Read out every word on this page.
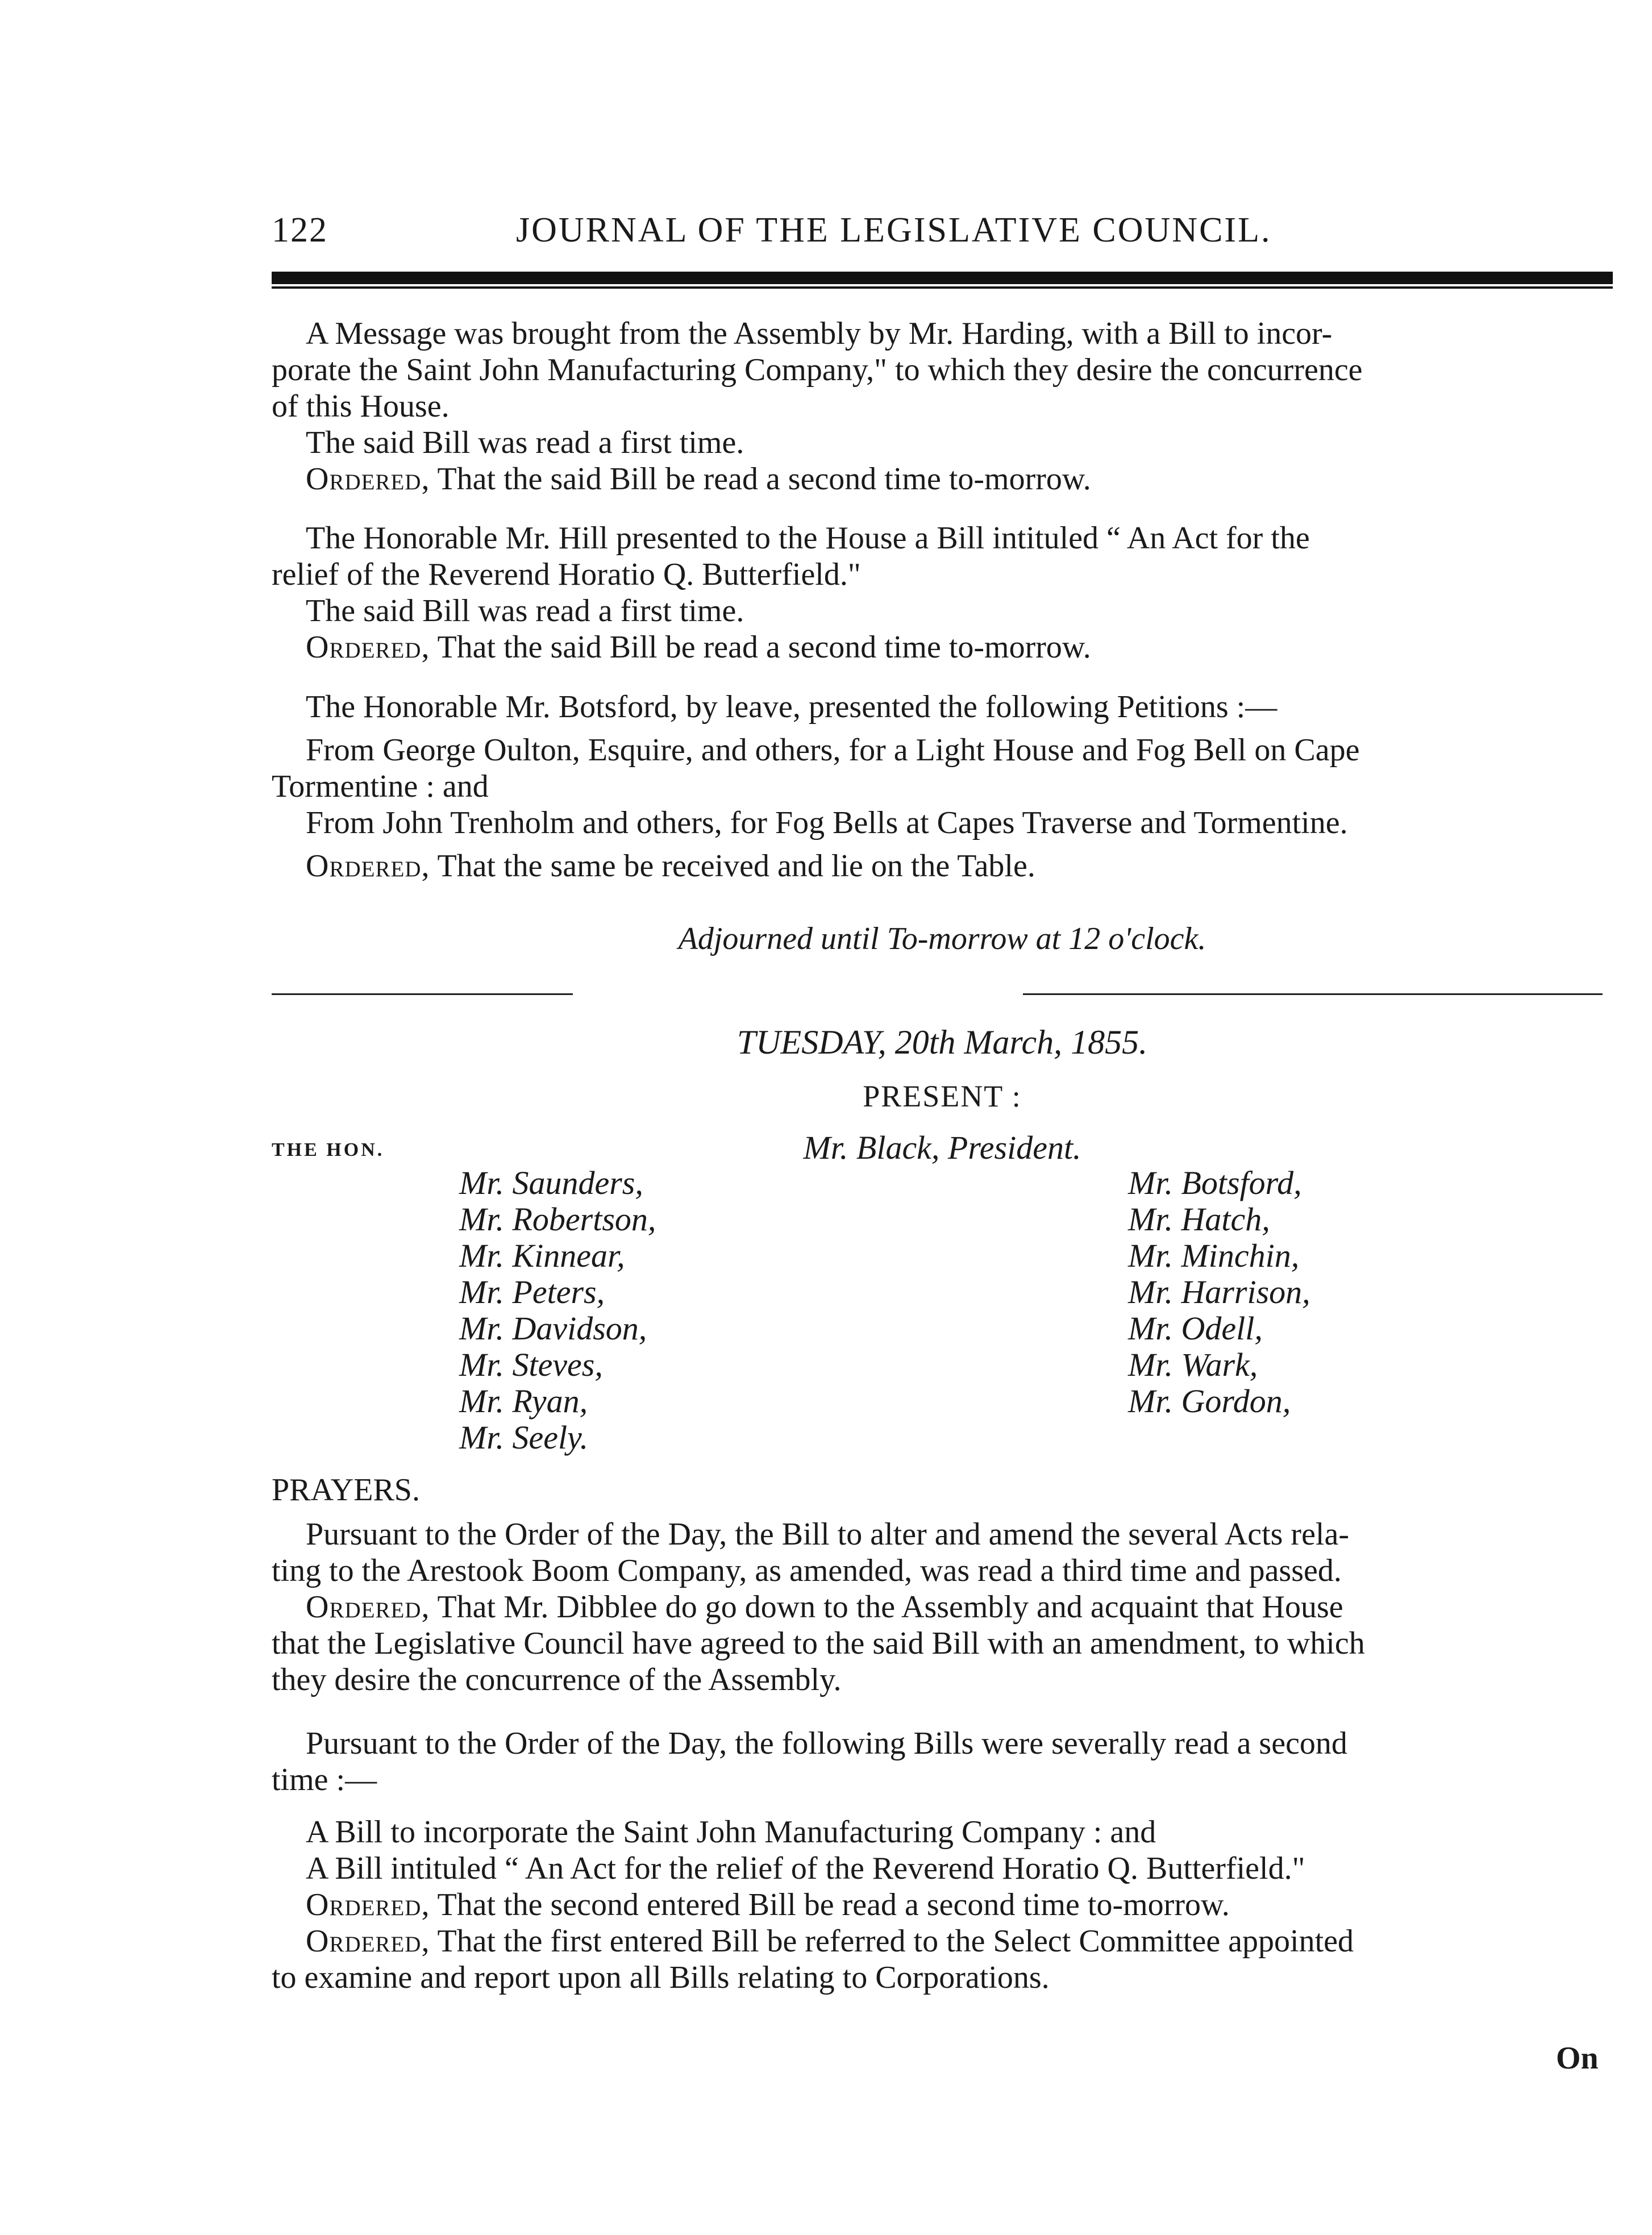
122	JOURNAL OF THE LEGISLATIVE COUNCIL.
A Message was brought from the Assembly by Mr. Harding, with a Bill to incor-
porate the Saint John Manufacturing Company," to which they desire the concurrence
of this House.
The said Bill was read a first time.
Ordered, That the said Bill be read a second time to-morrow.
The Honorable Mr. Hill presented to the House a Bill intituled “ An Act for the
relief of the Reverend Horatio Q. Butterfield."
The said Bill was read a first time.
Ordered, That the said Bill be read a second time to-morrow.
The Honorable Mr. Botsford, by leave, presented the following Petitions :—
From George Oulton, Esquire, and others, for a Light House and Fog Bell on Cape
Tormentine : and
From John Trenholm and others, for Fog Bells at Capes Traverse and Tormentine.
Ordered, That the same be received and lie on the Table.
Adjourned until To-morrow at 12 o'clock.
TUESDAY, 20th March, 1855.
PRESENT :
THE HON.	Mr. Black, President.
Mr. Saunders,
Mr. Robertson,
Mr. Kinnear,
Mr. Peters,
Mr. Davidson,
Mr. Steves,
Mr. Ryan,
Mr. Seely.
Mr. Botsford,
Mr. Hatch,
Mr. Minchin,
Mr. Harrison,
Mr. Odell,
Mr. Wark,
Mr. Gordon,
PRAYERS.
Pursuant to the Order of the Day, the Bill to alter and amend the several Acts rela-
ting to the Arestook Boom Company, as amended, was read a third time and passed.
Ordered, That Mr. Dibblee do go down to the Assembly and acquaint that House
that the Legislative Council have agreed to the said Bill with an amendment, to which
they desire the concurrence of the Assembly.
Pursuant to the Order of the Day, the following Bills were severally read a second
time :—
A Bill to incorporate the Saint John Manufacturing Company : and
A Bill intituled “ An Act for the relief of the Reverend Horatio Q. Butterfield."
Ordered, That the second entered Bill be read a second time to-morrow.
Ordered, That the first entered Bill be referred to the Select Committee appointed
to examine and report upon all Bills relating to Corporations.
On
